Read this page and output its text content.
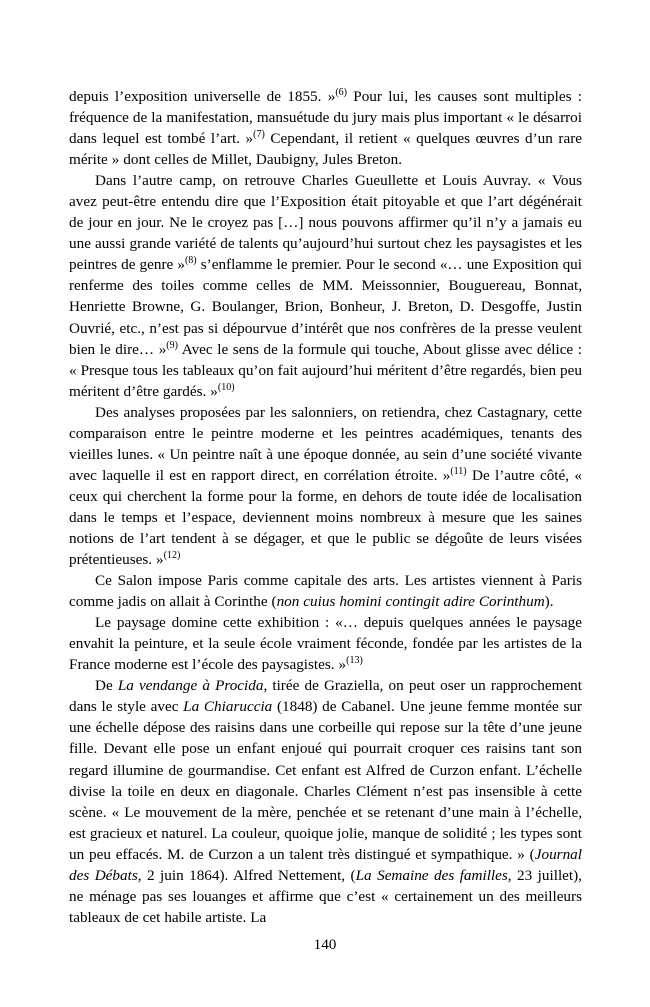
depuis l’exposition universelle de 1855. »$^{(6)}$ Pour lui, les causes sont multiples : fréquence de la manifestation, mansuétude du jury mais plus important « le désarroi dans lequel est tombé l’art. »$^{(7)}$ Cependant, il retient « quelques œuvres d’un rare mérite » dont celles de Millet, Daubigny, Jules Breton.

Dans l’autre camp, on retrouve Charles Gueullette et Louis Auvray. « Vous avez peut-être entendu dire que l’Exposition était pitoyable et que l’art dégénérait de jour en jour. Ne le croyez pas […] nous pouvons affirmer qu’il n’y a jamais eu une aussi grande variété de talents qu’aujourd’hui surtout chez les paysagistes et les peintres de genre »$^{(8)}$ s’enflamme le premier. Pour le second «… une Exposition qui renferme des toiles comme celles de MM. Meissonnier, Bouguereau, Bonnat, Henriette Browne, G. Boulanger, Brion, Bonheur, J. Breton, D. Desgoffe, Justin Ouvrié, etc., n’est pas si dépourvue d’intérêt que nos confrères de la presse veulent bien le dire… »$^{(9)}$ Avec le sens de la formule qui touche, About glisse avec délice : « Presque tous les tableaux qu’on fait aujourd’hui méritent d’être regardés, bien peu méritent d’être gardés. »$^{(10)}$

Des analyses proposées par les salonniers, on retiendra, chez Castagnary, cette comparaison entre le peintre moderne et les peintres académiques, tenants des vieilles lunes. « Un peintre naît à une époque donnée, au sein d’une société vivante avec laquelle il est en rapport direct, en corrélation étroite. »$^{(11)}$ De l’autre côté, « ceux qui cherchent la forme pour la forme, en dehors de toute idée de localisation dans le temps et l’espace, deviennent moins nombreux à mesure que les saines notions de l’art tendent à se dégager, et que le public se dégoûte de leurs visées prétentieuses. »$^{(12)}$

Ce Salon impose Paris comme capitale des arts. Les artistes viennent à Paris comme jadis on allait à Corinthe (non cuius homini contingit adire Corinthum).

Le paysage domine cette exhibition : «… depuis quelques années le paysage envahit la peinture, et la seule école vraiment féconde, fondée par les artistes de la France moderne est l’école des paysagistes. »$^{(13)}$

De La vendange à Procida, tirée de Graziella, on peut oser un rapprochement dans le style avec La Chiaruccia (1848) de Cabanel. Une jeune femme montée sur une échelle dépose des raisins dans une corbeille qui repose sur la tête d’une jeune fille. Devant elle pose un enfant enjoué qui pourrait croquer ces raisins tant son regard illumine de gourmandise. Cet enfant est Alfred de Curzon enfant. L’échelle divise la toile en deux en diagonale. Charles Clément n’est pas insensible à cette scène. « Le mouvement de la mère, penchée et se retenant d’une main à l’échelle, est gracieux et naturel. La couleur, quoique jolie, manque de solidité ; les types sont un peu effacés. M. de Curzon a un talent très distingué et sympathique. » (Journal des Débats, 2 juin 1864). Alfred Nettement, (La Semaine des familles, 23 juillet), ne ménage pas ses louanges et affirme que c’est « certainement un des meilleurs tableaux de cet habile artiste. La

140
